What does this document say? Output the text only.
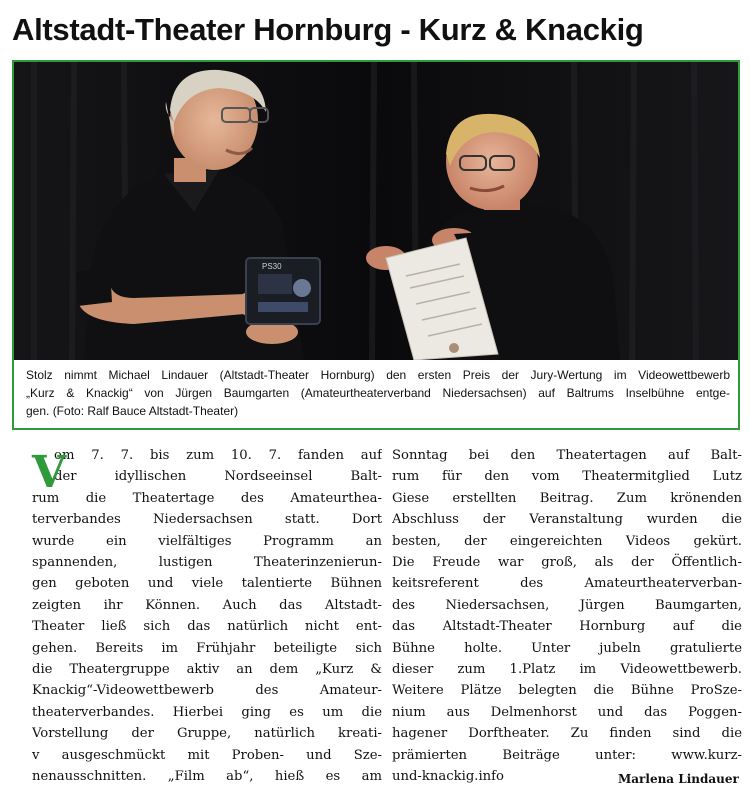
Altstadt-Theater Hornburg - Kurz & Knackig
PS30
Stolz nimmt Michael Lindauer (Altstadt-Theater Hornburg) den ersten Preis der Jury-Wertung im Videowettbewerb
„Kurz & Knackig“ von Jürgen Baumgarten (Amateurtheaterverband Niedersachsen) auf Baltrums Inselbühne entge-
gen. (Foto: Ralf Bauce Altstadt-Theater)
V
om 7. 7. bis zum 10. 7. fanden auf
der idyllischen Nordseeinsel Balt-
rum die Theatertage des Amateurthea-
terverbandes Niedersachsen statt. Dort
wurde ein vielfältiges Programm an
spannenden, lustigen Theaterinzenierun-
gen geboten und viele talentierte Bühnen
zeigten ihr Können. Auch das Altstadt-
Theater ließ sich das natürlich nicht ent-
gehen. Bereits im Frühjahr beteiligte sich
die Theatergruppe aktiv an dem „Kurz &
Knackig“-Videowettbewerb des Amateur-
theaterverbandes. Hierbei ging es um die
Vorstellung der Gruppe, natürlich kreati-
v ausgeschmückt mit Proben- und Sze-
nenausschnitten. „Film ab“, hieß es am
Sonntag bei den Theatertagen auf Balt-
rum für den vom Theatermitglied Lutz
Giese erstellten Beitrag. Zum krönenden
Abschluss der Veranstaltung wurden die
besten, der eingereichten Videos gekürt.
Die Freude war groß, als der Öffentlich-
keitsreferent des Amateurtheaterverban-
des Niedersachsen, Jürgen Baumgarten,
das Altstadt-Theater Hornburg auf die
Bühne holte. Unter jubeln gratulierte
dieser zum 1.Platz im Videowettbewerb.
Weitere Plätze belegten die Bühne ProSze-
nium aus Delmenhorst und das Poggen-
hagener Dorftheater. Zu finden sind die
prämierten Beiträge unter: www.kurz-
und-knackig.info	Marlena Lindauer
